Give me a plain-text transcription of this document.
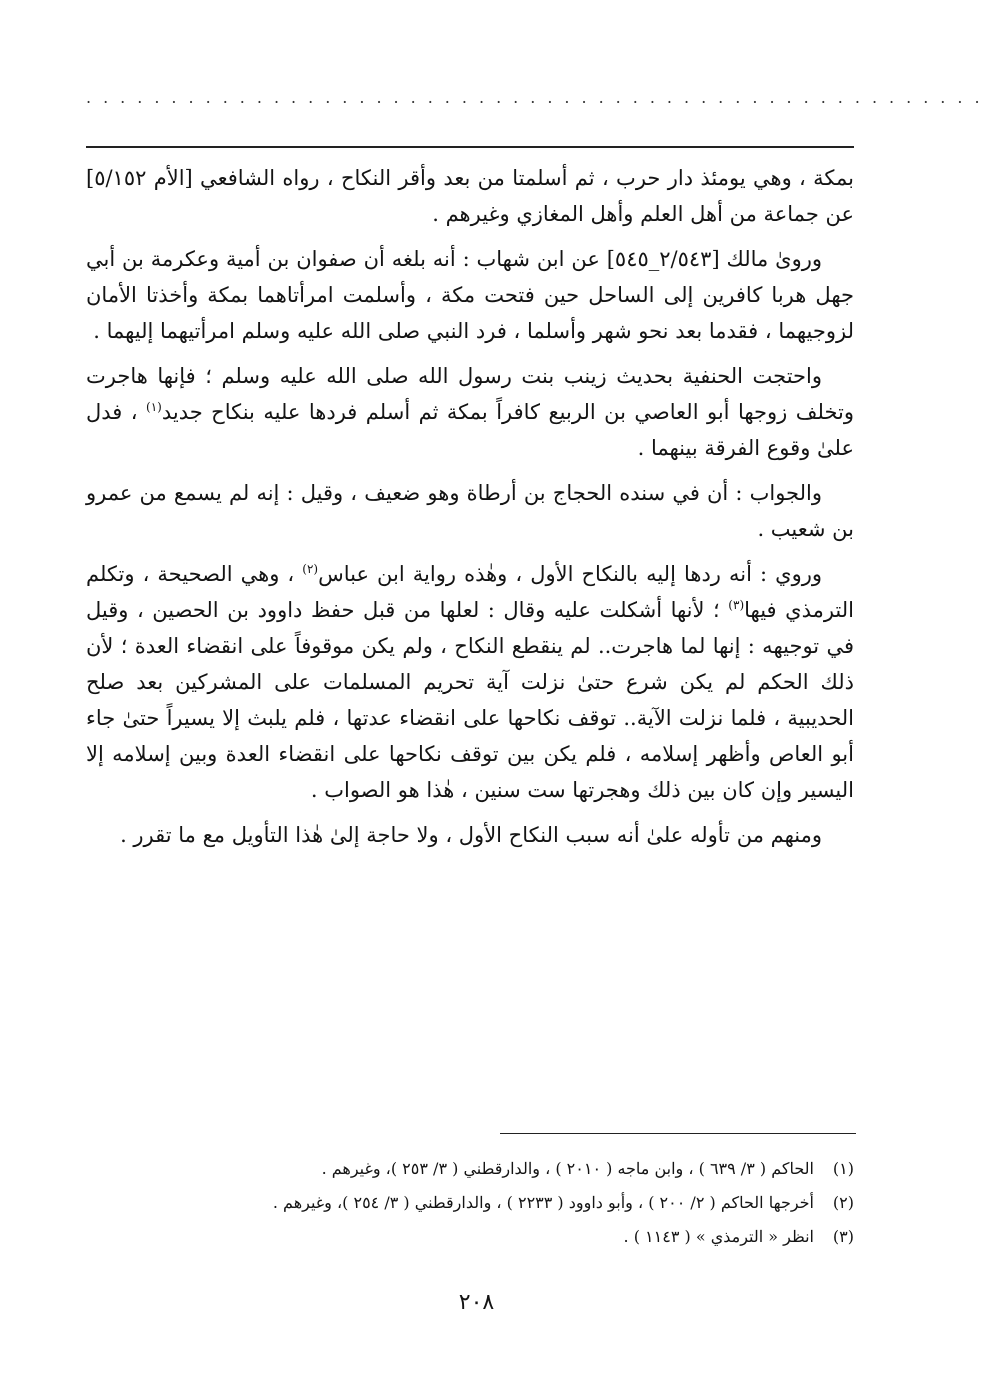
.....................................................

بمكة ، وهي يومئذ دار حرب ، ثم أسلمتا من بعد وأقر النكاح ، رواه الشافعي [الأم ٥/١٥٢] عن جماعة من أهل العلم وأهل المغازي وغيرهم .

وروىٰ مالك [٢/٥٤٣_٥٤٥] عن ابن شهاب : أنه بلغه أن صفوان بن أمية وعكرمة بن أبي جهل هربا كافرين إلى الساحل حين فتحت مكة ، وأسلمت امرأتاهما بمكة وأخذتا الأمان لزوجيهما ، فقدما بعد نحو شهر وأسلما ، فرد النبي صلى الله عليه وسلم امرأتيهما إليهما .

واحتجت الحنفية بحديث زينب بنت رسول الله صلى الله عليه وسلم ؛ فإنها هاجرت وتخلف زوجها أبو العاصي بن الربيع كافراً بمكة ثم أسلم فردها عليه بنكاح جديد$^{(١)}$ ، فدل علىٰ وقوع الفرقة بينهما .

والجواب : أن في سنده الحجاج بن أرطاة وهو ضعيف ، وقيل : إنه لم يسمع من عمرو بن شعيب .

وروي : أنه ردها إليه بالنكاح الأول ، وهٰذه رواية ابن عباس$^{(٢)}$ ، وهي الصحيحة ، وتكلم الترمذي فيها$^{(٣)}$ ؛ لأنها أشكلت عليه وقال : لعلها من قبل حفظ داوود بن الحصين ، وقيل في توجيهه : إنها لما هاجرت.. لم ينقطع النكاح ، ولم يكن موقوفاً على انقضاء العدة ؛ لأن ذلك الحكم لم يكن شرع حتىٰ نزلت آية تحريم المسلمات على المشركين بعد صلح الحديبية ، فلما نزلت الآية.. توقف نكاحها على انقضاء عدتها ، فلم يلبث إلا يسيراً حتىٰ جاء أبو العاص وأظهر إسلامه ، فلم يكن بين توقف نكاحها على انقضاء العدة وبين إسلامه إلا اليسير وإن كان بين ذلك وهجرتها ست سنين ، هٰذا هو الصواب .

ومنهم من تأوله علىٰ أنه سبب النكاح الأول ، ولا حاجة إلىٰ هٰذا التأويل مع ما تقرر .

(١)
الحاكم ( ٣/ ٦٣٩ ) ، وابن ماجه ( ٢٠١٠ ) ، والدارقطني ( ٣/ ٢٥٣ )، وغيرهم .
(٢)
أخرجها الحاكم ( ٢/ ٢٠٠ ) ، وأبو داوود ( ٢٢٣٣ ) ، والدارقطني ( ٣/ ٢٥٤ )، وغيرهم .
(٣)
انظر « الترمذي » ( ١١٤٣ ) .
٢٠٨
